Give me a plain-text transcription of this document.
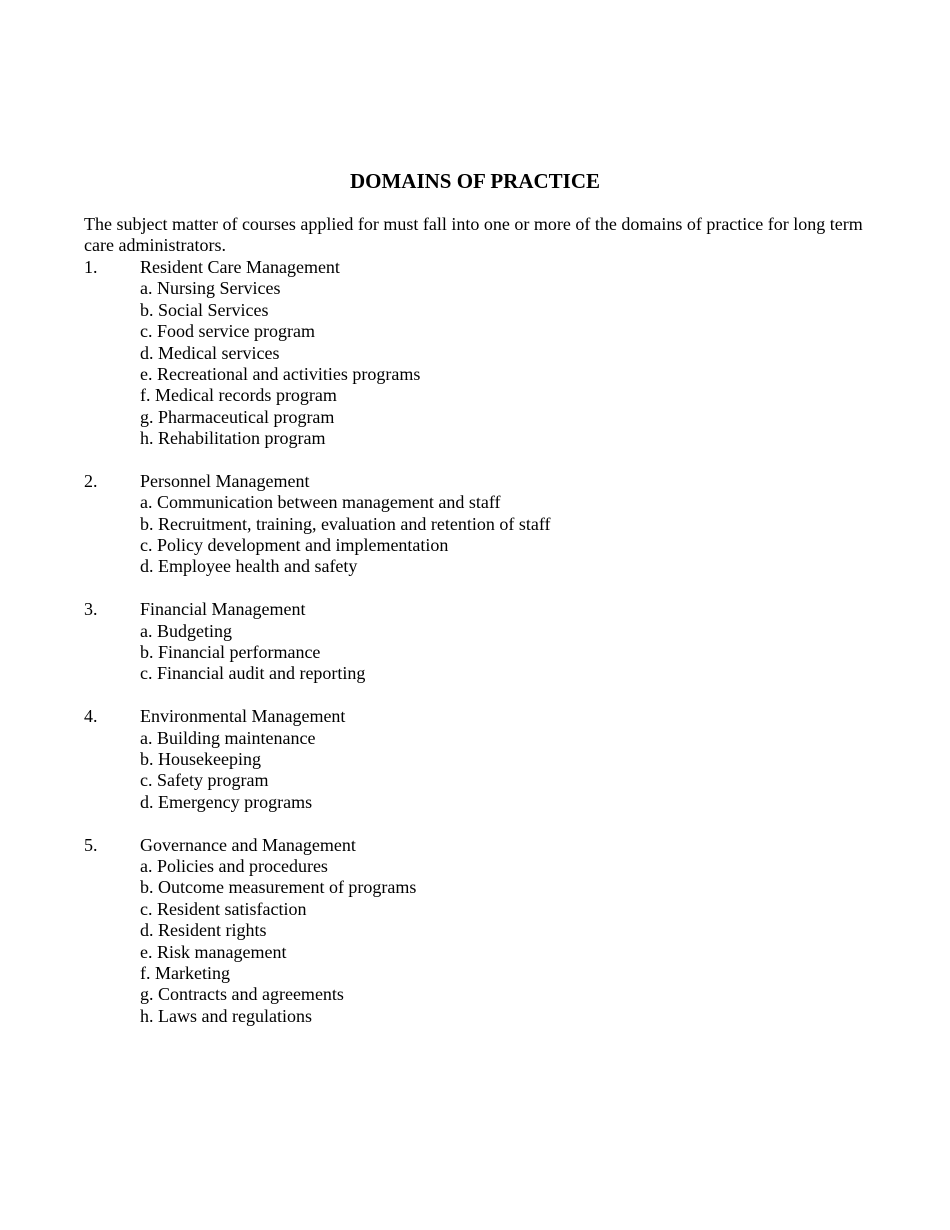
DOMAINS OF PRACTICE

The subject matter of courses applied for must fall into one or more of the domains of practice for long term care administrators.

1. Resident Care Management
a. Nursing Services
b. Social Services
c. Food service program
d. Medical services
e. Recreational and activities programs
f. Medical records program
g. Pharmaceutical program
h. Rehabilitation program
2. Personnel Management
a. Communication between management and staff
b. Recruitment, training, evaluation and retention of staff
c. Policy development and implementation
d. Employee health and safety
3. Financial Management
a. Budgeting
b. Financial performance
c. Financial audit and reporting
4. Environmental Management
a. Building maintenance
b. Housekeeping
c. Safety program
d. Emergency programs
5. Governance and Management
a. Policies and procedures
b. Outcome measurement of programs
c. Resident satisfaction
d. Resident rights
e. Risk management
f. Marketing
g. Contracts and agreements
h. Laws and regulations
